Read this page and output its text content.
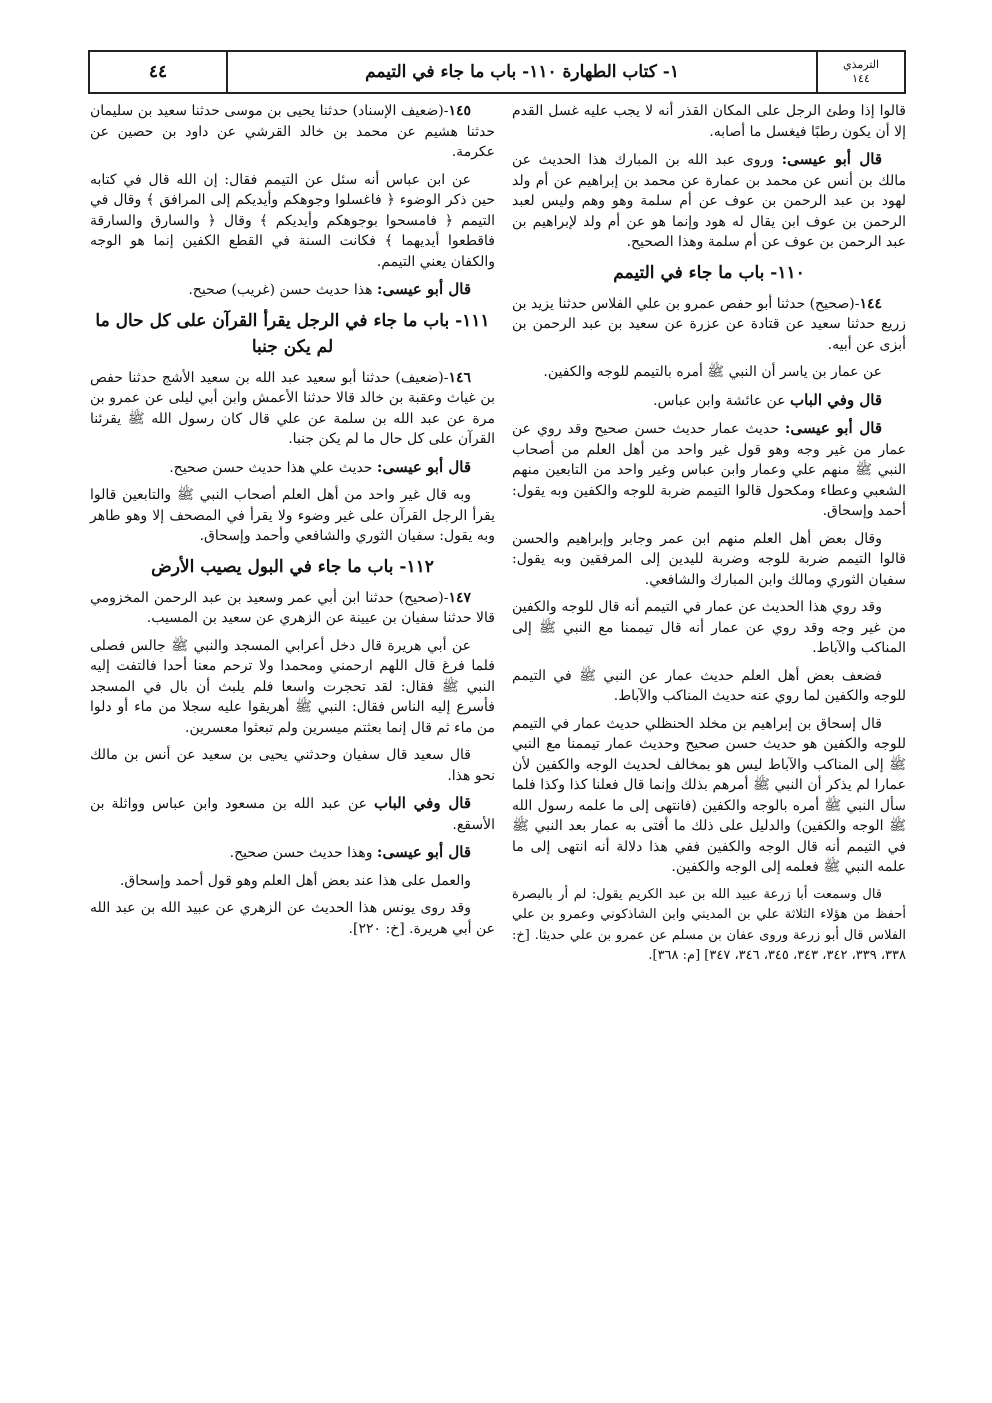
الترمذي
١٤٤
١- كتاب الطهارة ١١٠- باب ما جاء في التيمم
٤٤

قالوا إذا وطئ الرجل على المكان القذر أنه لا يجب عليه غسل القدم إلا أن يكون رطبًا فيغسل ما أصابه.

قال أبو عيسى: وروى عبد الله بن المبارك هذا الحديث عن مالك بن أنس عن محمد بن عمارة عن محمد بن إبراهيم عن أم ولد لهود بن عبد الرحمن بن عوف عن أم سلمة وهو وهم وليس لعبد الرحمن بن عوف ابن يقال له هود وإنما هو عن أم ولد لإبراهيم بن عبد الرحمن بن عوف عن أم سلمة وهذا الصحيح.

١١٠- باب ما جاء في التيمم

١٤٤-(صحيح) حدثنا أبو حفص عمرو بن علي الفلاس حدثنا يزيد بن زريع حدثنا سعيد عن قتادة عن عزرة عن سعيد بن عبد الرحمن بن أبزى عن أبيه.

عن عمار بن ياسر أن النبي ﷺ أمره بالتيمم للوجه والكفين.

قال وفي الباب عن عائشة وابن عباس.

قال أبو عيسى: حديث عمار حديث حسن صحيح وقد روي عن عمار من غير وجه وهو قول غير واحد من أهل العلم من أصحاب النبي ﷺ منهم علي وعمار وابن عباس وغير واحد من التابعين منهم الشعبي وعطاء ومكحول قالوا التيمم ضربة للوجه والكفين وبه يقول: أحمد وإسحاق.

وقال بعض أهل العلم منهم ابن عمر وجابر وإبراهيم والحسن قالوا التيمم ضربة للوجه وضربة لليدين إلى المرفقين وبه يقول: سفيان الثوري ومالك وابن المبارك والشافعي.

وقد روي هذا الحديث عن عمار في التيمم أنه قال للوجه والكفين من غير وجه وقد روي عن عمار أنه قال تيممنا مع النبي ﷺ إلى المناكب والآباط.

فضعف بعض أهل العلم حديث عمار عن النبي ﷺ في التيمم للوجه والكفين لما روي عنه حديث المناكب والآباط.

قال إسحاق بن إبراهيم بن مخلد الحنظلي حديث عمار في التيمم للوجه والكفين هو حديث حسن صحيح وحديث عمار تيممنا مع النبي ﷺ إلى المناكب والآباط ليس هو بمخالف لحديث الوجه والكفين لأن عمارا لم يذكر أن النبي ﷺ أمرهم بذلك وإنما قال فعلنا كذا وكذا فلما سأل النبي ﷺ أمره بالوجه والكفين (فانتهى إلى ما علمه رسول الله ﷺ الوجه والكفين) والدليل على ذلك ما أفتى به عمار بعد النبي ﷺ في التيمم أنه قال الوجه والكفين ففي هذا دلالة أنه انتهى إلى ما علمه النبي ﷺ فعلمه إلى الوجه والكفين.

قال وسمعت أبا زرعة عبيد الله بن عبد الكريم يقول: لم أر بالبصرة أحفظ من هؤلاء الثلاثة علي بن المديني وابن الشاذكوني وعمرو بن علي الفلاس قال أبو زرعة وروى عفان بن مسلم عن عمرو بن علي حديثا. [خ: ٣٣٨، ٣٣٩، ٣٤٢، ٣٤٣، ٣٤٥، ٣٤٦، ٣٤٧] [م: ٣٦٨].

١٤٥-(ضعيف الإسناد) حدثنا يحيى بن موسى حدثنا سعيد بن سليمان حدثنا هشيم عن محمد بن خالد القرشي عن داود بن حصين عن عكرمة.

عن ابن عباس أنه سئل عن التيمم فقال: إن الله قال في كتابه حين ذكر الوضوء ﴿ فاغسلوا وجوهكم وأيديكم إلى المرافق ﴾ وقال في التيمم ﴿ فامسحوا بوجوهكم وأيديكم ﴾ وقال ﴿ والسارق والسارقة فاقطعوا أيديهما ﴾ فكانت السنة في القطع الكفين إنما هو الوجه والكفان يعني التيمم.

قال أبو عيسى: هذا حديث حسن (غريب) صحيح.

١١١- باب ما جاء في الرجل يقرأ القرآن على كل حال ما لم يكن جنبا

١٤٦-(ضعيف) حدثنا أبو سعيد عبد الله بن سعيد الأشج حدثنا حفص بن غياث وعقبة بن خالد قالا حدثنا الأعمش وابن أبي ليلى عن عمرو بن مرة عن عبد الله بن سلمة عن علي قال كان رسول الله ﷺ يقرئنا القرآن على كل حال ما لم يكن جنبا.

قال أبو عيسى: حديث علي هذا حديث حسن صحيح.

وبه قال غير واحد من أهل العلم أصحاب النبي ﷺ والتابعين قالوا يقرأ الرجل القرآن على غير وضوء ولا يقرأ في المصحف إلا وهو طاهر وبه يقول: سفيان الثوري والشافعي وأحمد وإسحاق.

١١٢- باب ما جاء في البول يصيب الأرض

١٤٧-(صحيح) حدثنا ابن أبي عمر وسعيد بن عبد الرحمن المخزومي قالا حدثنا سفيان بن عيينة عن الزهري عن سعيد بن المسيب.

عن أبي هريرة قال دخل أعرابي المسجد والنبي ﷺ جالس فصلى فلما فرغ قال اللهم ارحمني ومحمدا ولا ترحم معنا أحدا فالتفت إليه النبي ﷺ فقال: لقد تحجرت واسعا فلم يلبث أن بال في المسجد فأسرع إليه الناس فقال: النبي ﷺ أهريقوا عليه سجلا من ماء أو دلوا من ماء ثم قال إنما بعثتم ميسرين ولم تبعثوا معسرين.

قال سعيد قال سفيان وحدثني يحيى بن سعيد عن أنس بن مالك نحو هذا.

قال وفي الباب عن عبد الله بن مسعود وابن عباس وواثلة بن الأسقع.

قال أبو عيسى: وهذا حديث حسن صحيح.

والعمل على هذا عند بعض أهل العلم وهو قول أحمد وإسحاق.

وقد روى يونس هذا الحديث عن الزهري عن عبيد الله بن عبد الله عن أبي هريرة. [خ: ٢٢٠].
